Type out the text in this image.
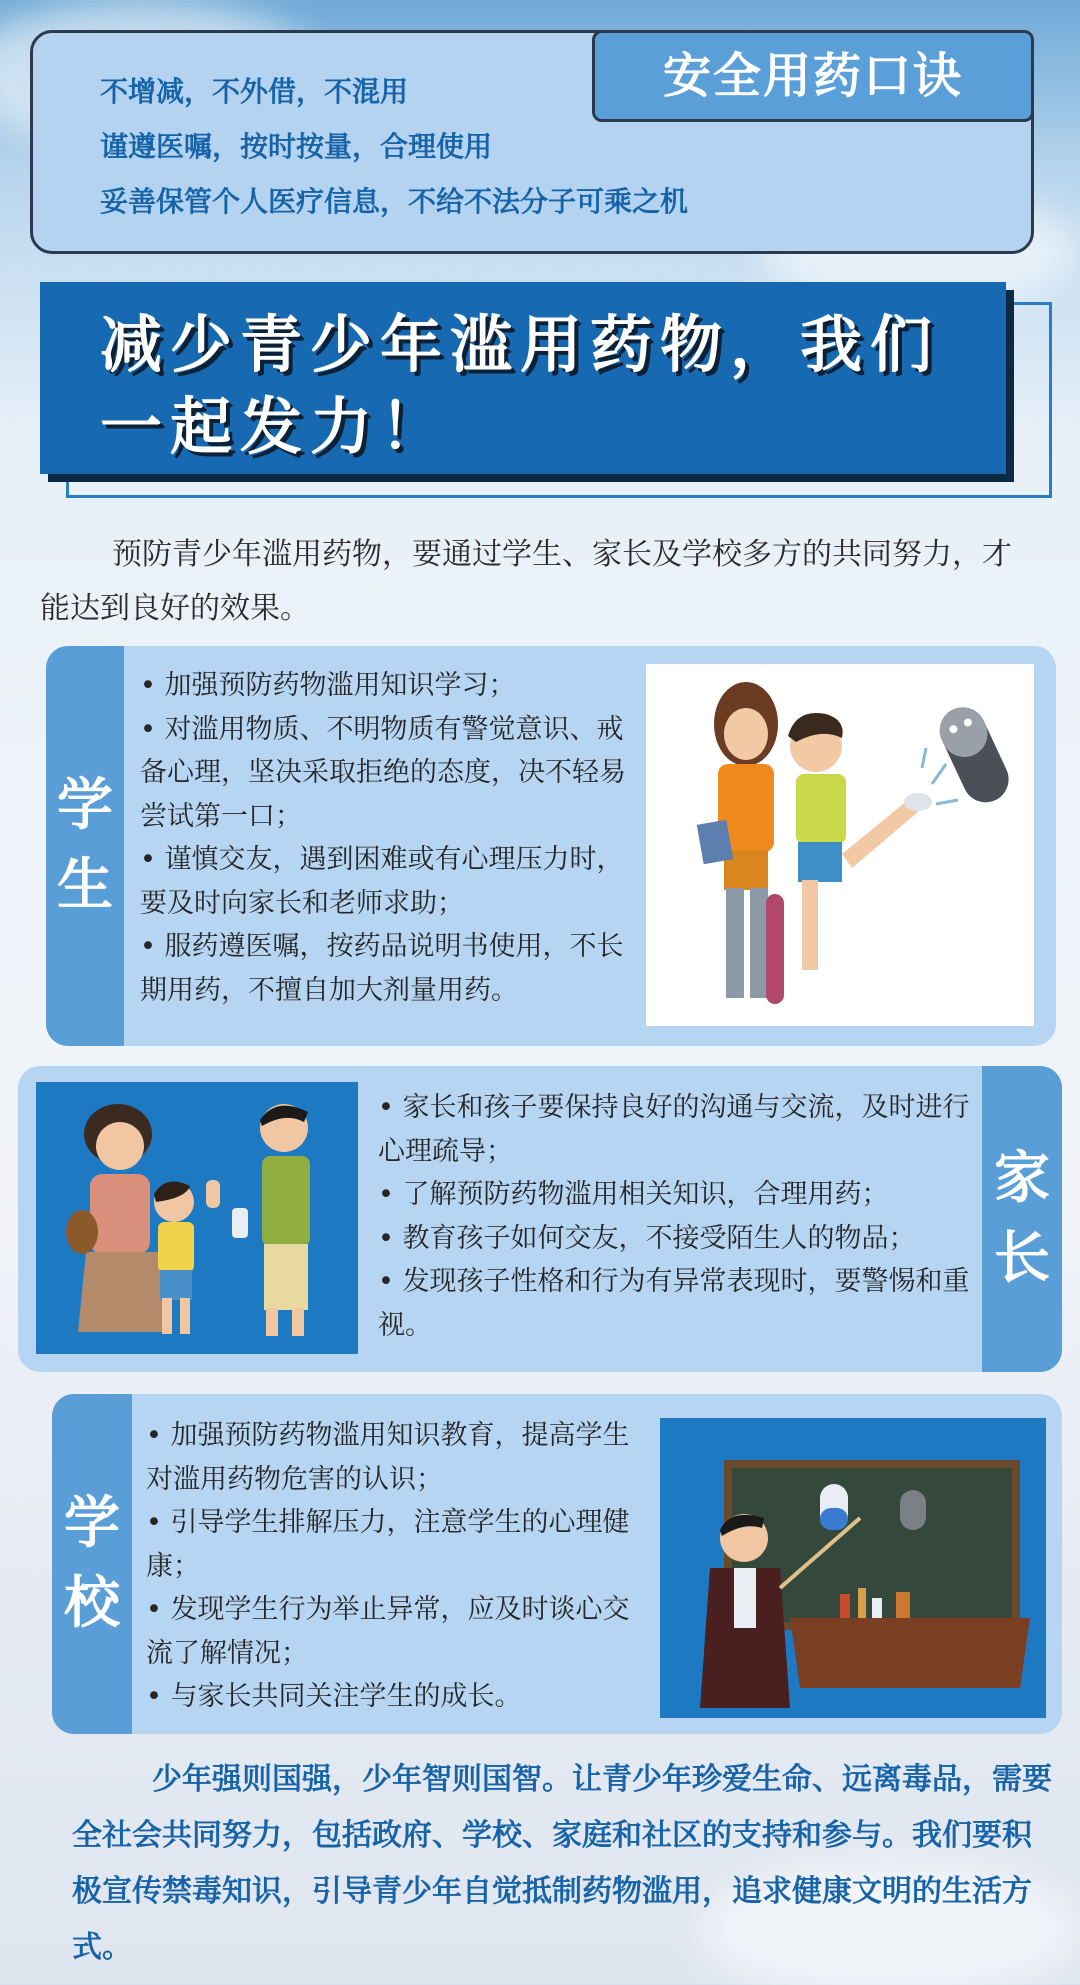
安全用药口诀
不增减，不外借，不混用
谨遵医嘱，按时按量，合理使用
妥善保管个人医疗信息，不给不法分子可乘之机
减少青少年滥用药物，我们
一起发力！

预防青少年滥用药物，要通过学生、家长及学校多方的共同努力，才能达到良好的效果。

学
生
• 加强预防药物滥用知识学习；
• 对滥用物质、不明物质有警觉意识、戒备心理，坚决采取拒绝的态度，决不轻易尝试第一口；
• 谨慎交友，遇到困难或有心理压力时，要及时向家长和老师求助；
• 服药遵医嘱，按药品说明书使用，不长期用药，不擅自加大剂量用药。
• 家长和孩子要保持良好的沟通与交流，及时进行心理疏导；
• 了解预防药物滥用相关知识，合理用药；
• 教育孩子如何交友，不接受陌生人的物品；
• 发现孩子性格和行为有异常表现时，要警惕和重视。
家
长
学
校
• 加强预防药物滥用知识教育，提高学生对滥用药物危害的认识；
• 引导学生排解压力，注意学生的心理健康；
• 发现学生行为举止异常，应及时谈心交流了解情况；
• 与家长共同关注学生的成长。

少年强则国强，少年智则国智。让青少年珍爱生命、远离毒品，需要全社会共同努力，包括政府、学校、家庭和社区的支持和参与。我们要积极宣传禁毒知识，引导青少年自觉抵制药物滥用，追求健康文明的生活方式。
